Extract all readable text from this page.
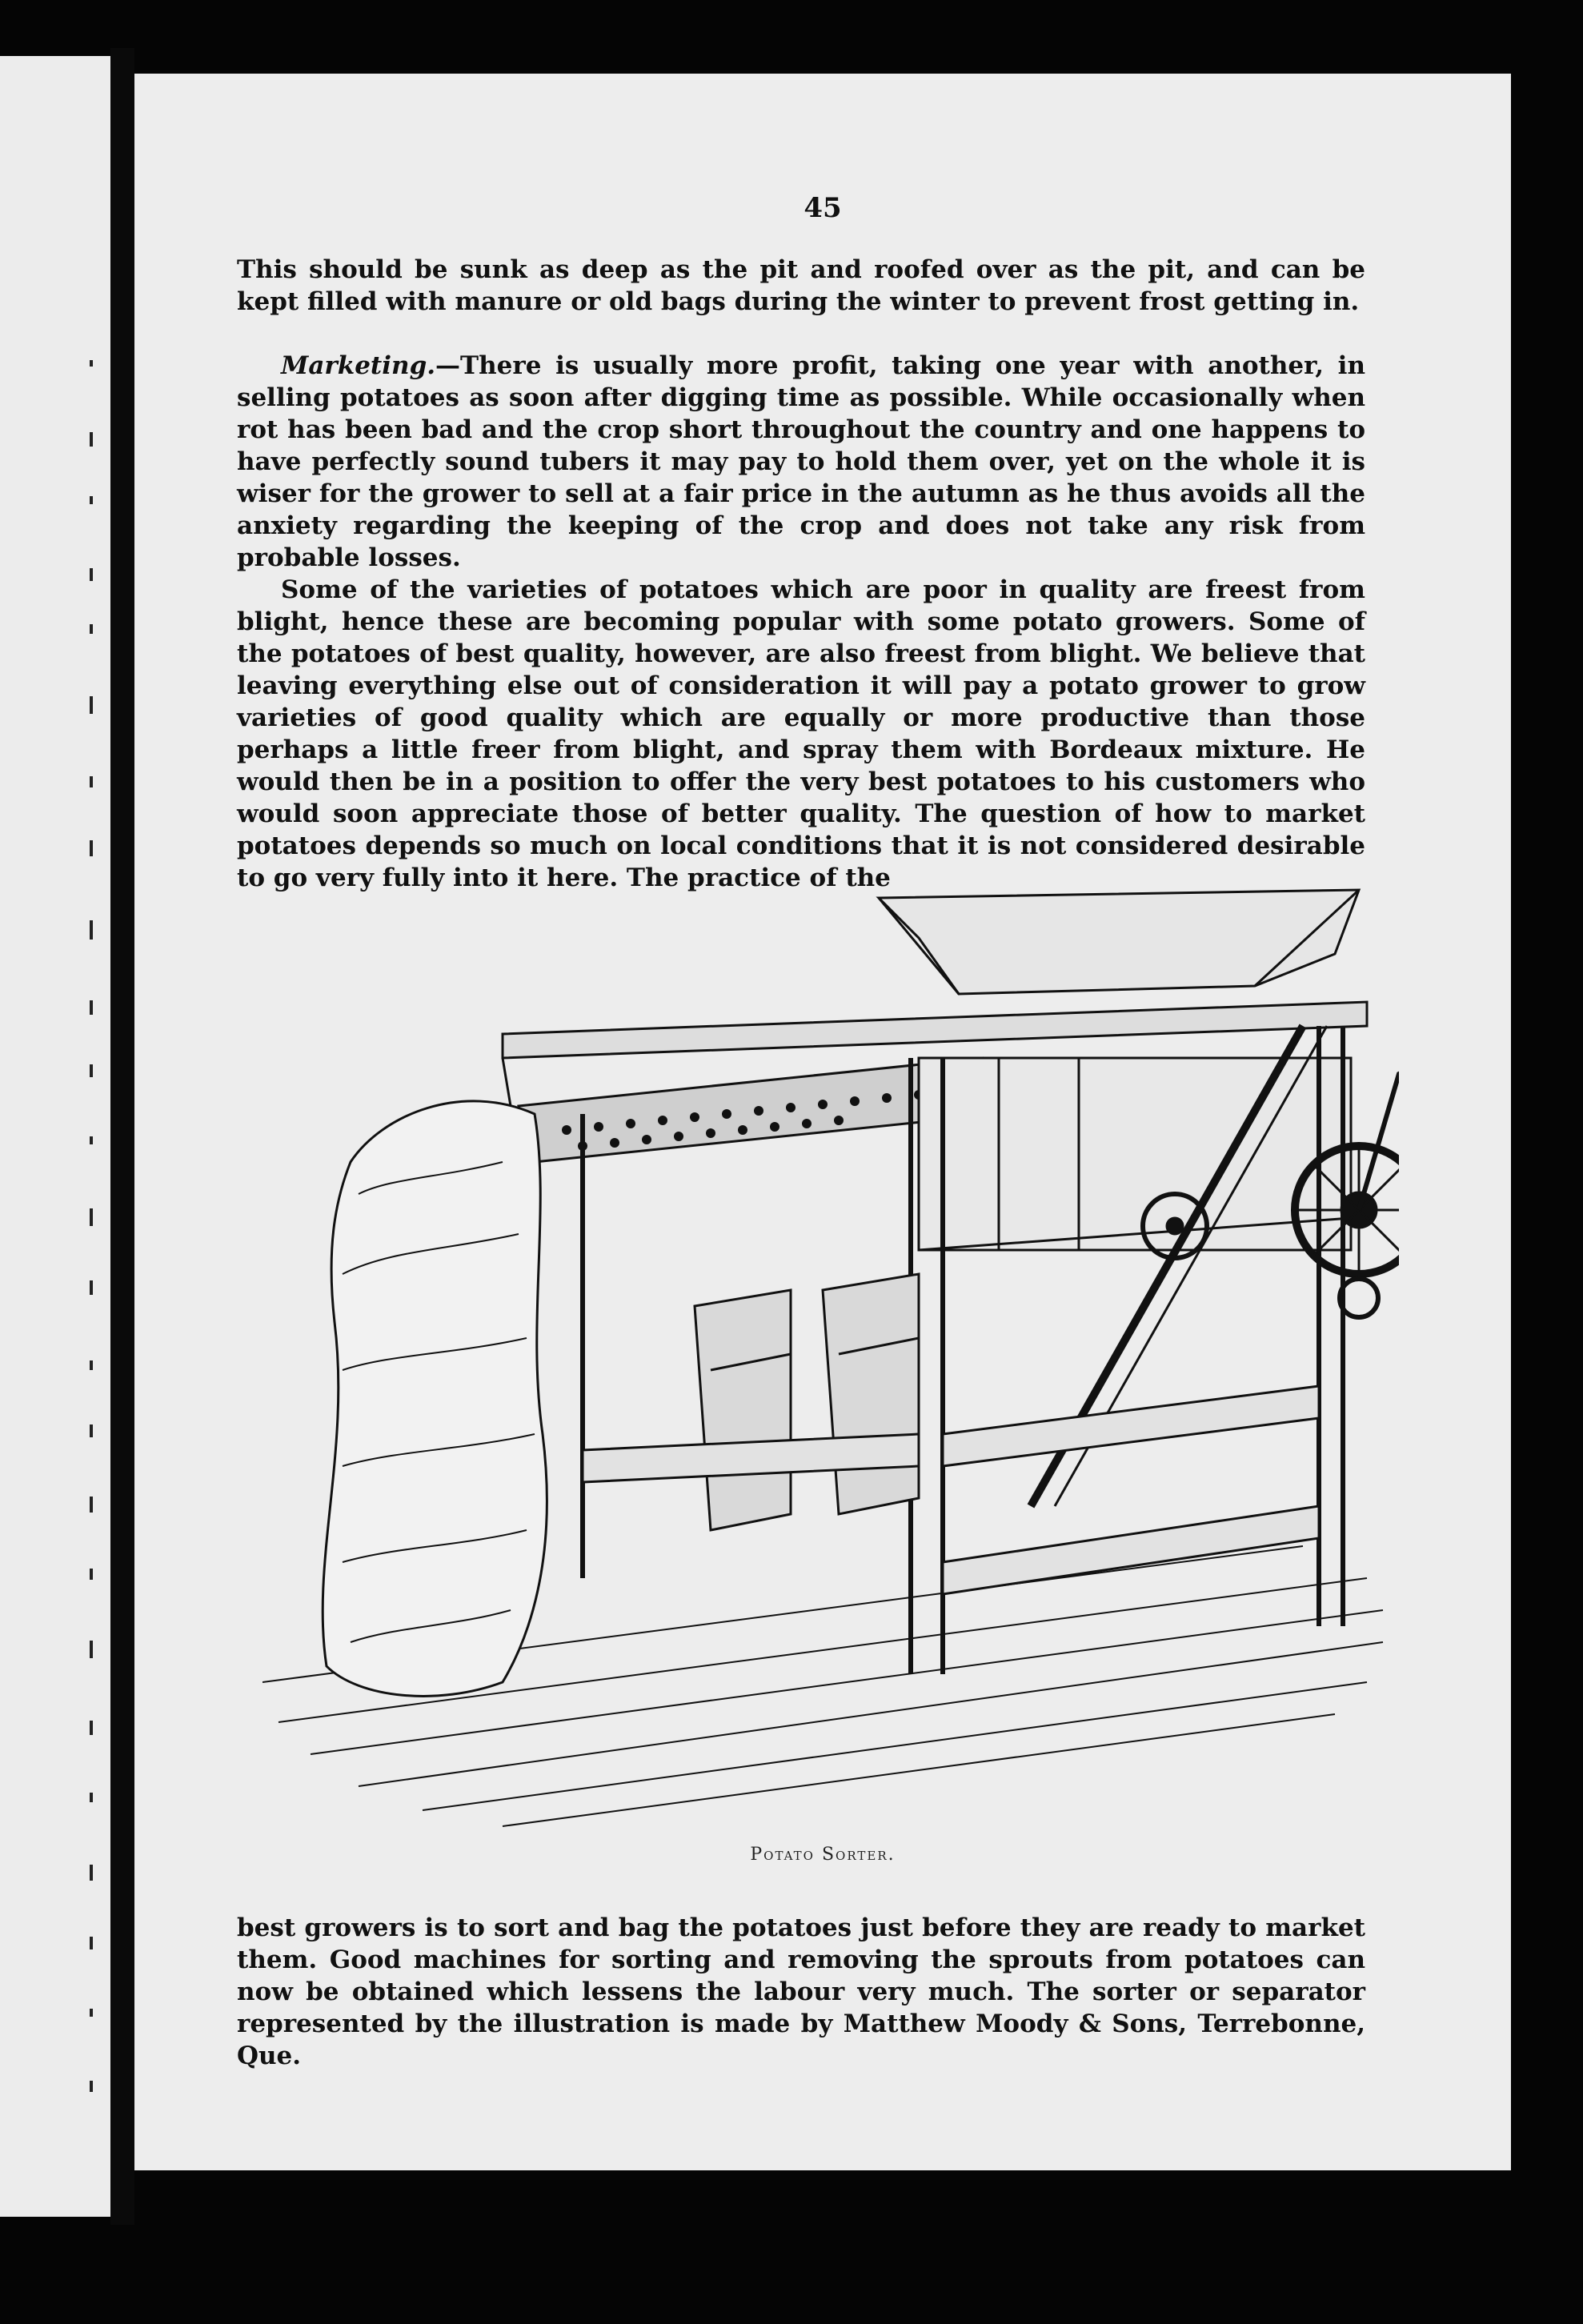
45

This should be sunk as deep as the pit and roofed over as the pit, and can be kept filled with manure or old bags during the winter to prevent frost getting in.

Marketing.—There is usually more profit, taking one year with another, in selling potatoes as soon after digging time as possible. While occasionally when rot has been bad and the crop short throughout the country and one happens to have perfectly sound tubers it may pay to hold them over, yet on the whole it is wiser for the grower to sell at a fair price in the autumn as he thus avoids all the anxiety regarding the keeping of the crop and does not take any risk from probable losses.

Some of the varieties of potatoes which are poor in quality are freest from blight, hence these are becoming popular with some potato growers. Some of the potatoes of best quality, however, are also freest from blight. We believe that leaving everything else out of consideration it will pay a potato grower to grow varieties of good quality which are equally or more productive than those perhaps a little freer from blight, and spray them with Bordeaux mixture. He would then be in a position to offer the very best potatoes to his customers who would soon appreciate those of better quality. The question of how to market potatoes depends so much on local conditions that it is not considered desirable to go very fully into it here. The practice of the

Potato Sorter.

best growers is to sort and bag the potatoes just before they are ready to market them. Good machines for sorting and removing the sprouts from potatoes can now be obtained which lessens the labour very much. The sorter or separator represented by the illustration is made by Matthew Moody & Sons, Terrebonne, Que.
